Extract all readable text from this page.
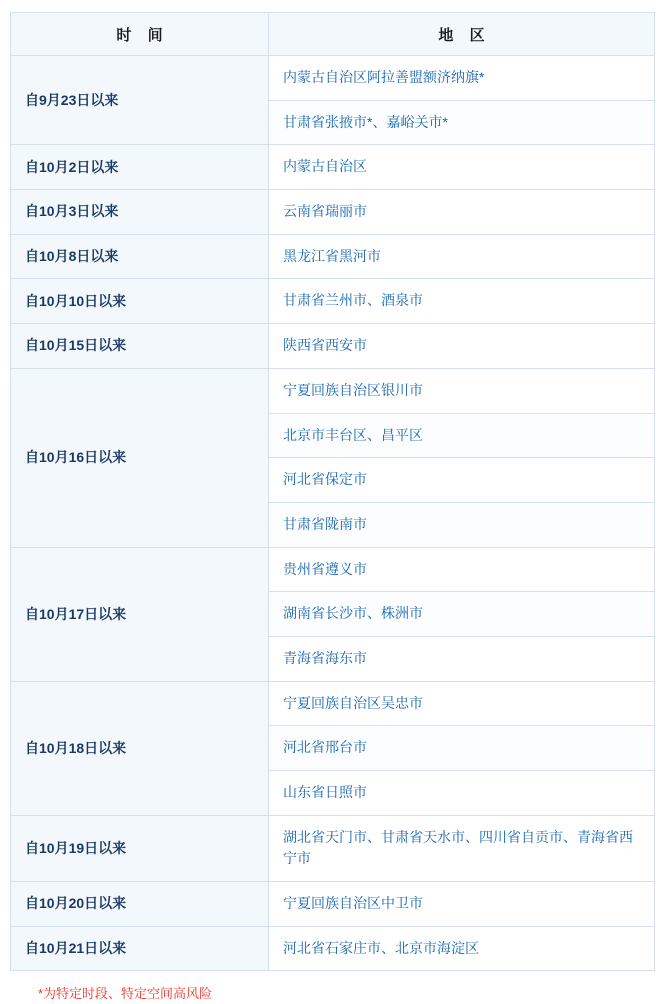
时 间	地 区

自9月23日以来	内蒙古自治区阿拉善盟额济纳旗*
	甘肃省张掖市*、嘉峪关市*
自10月2日以来	内蒙古自治区
自10月3日以来	云南省瑞丽市
自10月8日以来	黑龙江省黑河市
自10月10日以来	甘肃省兰州市、酒泉市
自10月15日以来	陕西省西安市
自10月16日以来	宁夏回族自治区银川市
	北京市丰台区、昌平区
	河北省保定市
	甘肃省陇南市
自10月17日以来	贵州省遵义市
	湖南省长沙市、株洲市
	青海省海东市
自10月18日以来	宁夏回族自治区吴忠市
	河北省邢台市
	山东省日照市
自10月19日以来	湖北省天门市、甘肃省天水市、四川省自贡市、青海省西宁市
自10月20日以来	宁夏回族自治区中卫市
自10月21日以来	河北省石家庄市、北京市海淀区
*为特定时段、特定空间高风险
